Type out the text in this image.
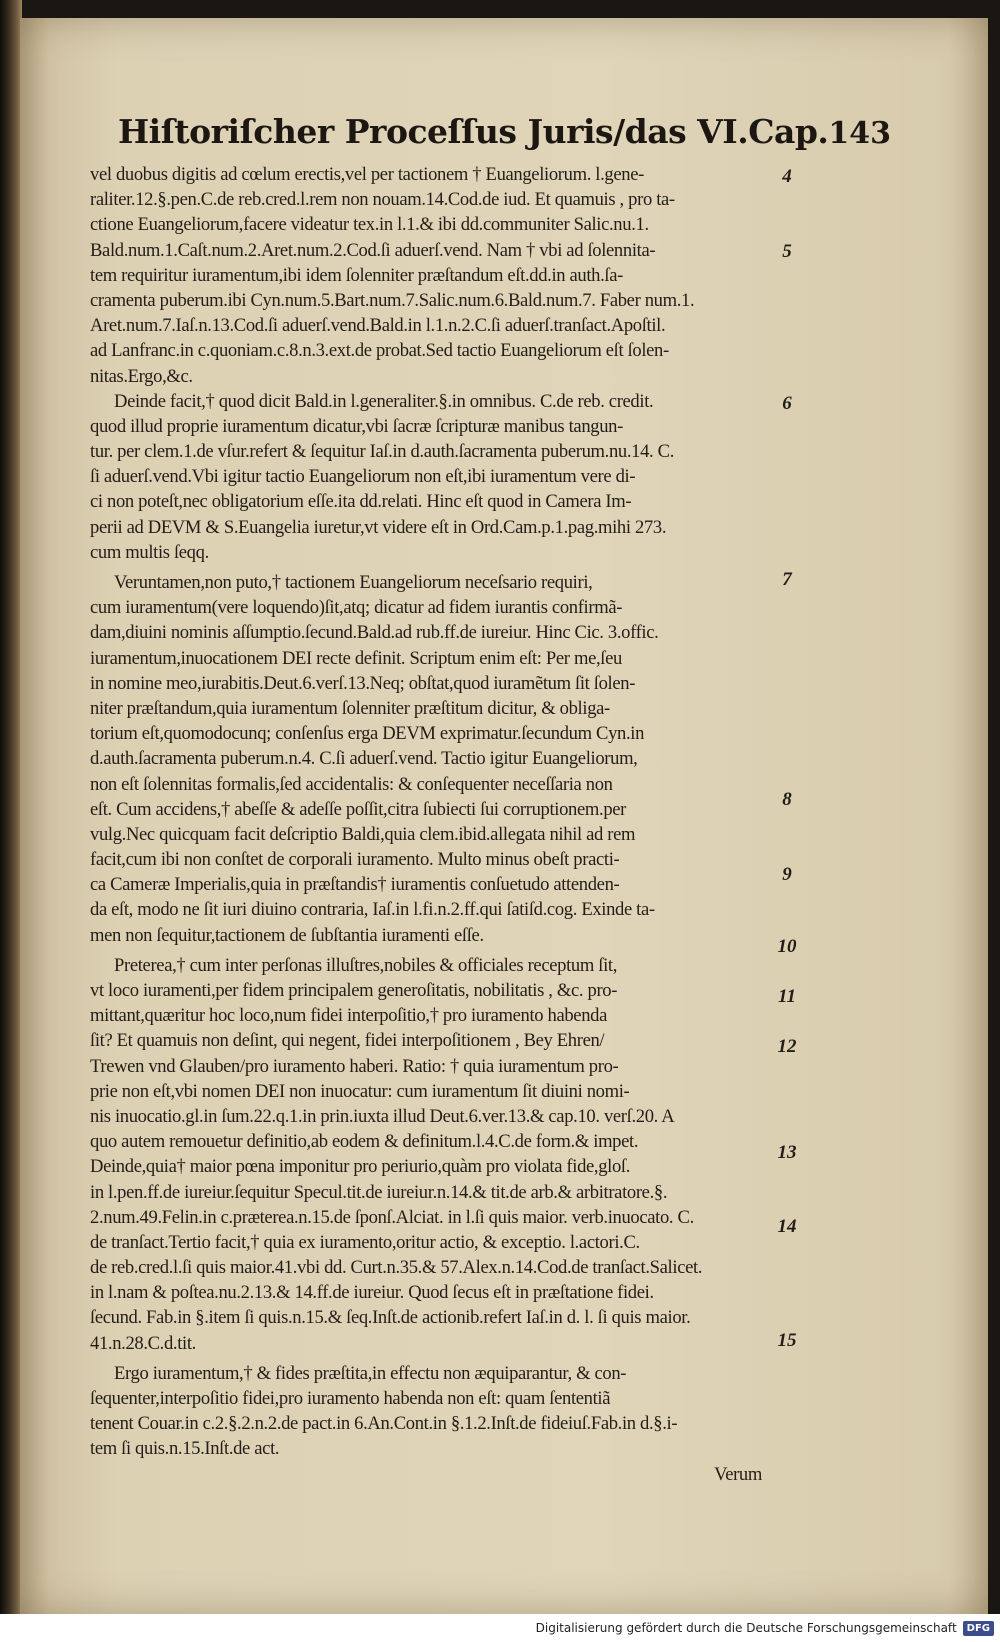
Hiſtoriſcher Proceſſus Juris/das VI.Cap. 143
vel duobus digitis ad cœlum erectis,vel per tactionem † Euangeliorum. l.gene-
raliter.12.§.pen.C.de reb.cred.l.rem non nouam.14.Cod.de iud. Et quamuis , pro ta-
ctione Euangeliorum,facere videatur tex.in l.1.& ibi dd.communiter Salic.nu.1.
Bald.num.1.Caſt.num.2.Aret.num.2.Cod.ſi aduerſ.vend. Nam † vbi ad ſolennita-
tem requiritur iuramentum,ibi idem ſolenniter præſtandum eſt.dd.in auth.ſa-
cramenta puberum.ibi Cyn.num.5.Bart.num.7.Salic.num.6.Bald.num.7. Faber num.1.
Aret.num.7.Iaſ.n.13.Cod.ſi aduerſ.vend.Bald.in l.1.n.2.C.ſi aduerſ.tranſact.Apoſtil.
ad Lanfranc.in c.quoniam.c.8.n.3.ext.de probat.Sed tactio Euangeliorum eſt ſolen-
nitas.Ergo,&c.
Deinde facit,† quod dicit Bald.in l.generaliter.§.in omnibus. C.de reb. credit.
quod illud proprie iuramentum dicatur,vbi ſacræ ſcripturæ manibus tangun-
tur. per clem.1.de vſur.refert & ſequitur Iaſ.in d.auth.ſacramenta puberum.nu.14. C.
ſi aduerſ.vend.Vbi igitur tactio Euangeliorum non eſt,ibi iuramentum vere di-
ci non poteſt,nec obligatorium eſſe.ita dd.relati. Hinc eſt quod in Camera Im-
perii ad DEVM & S.Euangelia iuretur,vt videre eſt in Ord.Cam.p.1.pag.mihi 273.
cum multis ſeqq.
Veruntamen,non puto,† tactionem Euangeliorum neceſsario requiri,
cum iuramentum(vere loquendo)ſit,atq; dicatur ad fidem iurantis confirmã-
dam,diuini nominis aſſumptio.ſecund.Bald.ad rub.ff.de iureiur. Hinc Cic. 3.offic.
iuramentum,inuocationem DEI recte definit. Scriptum enim eſt: Per me,ſeu
in nomine meo,iurabitis.Deut.6.verſ.13.Neq; obſtat,quod iuramẽtum ſit ſolen-
niter præſtandum,quia iuramentum ſolenniter præſtitum dicitur, & obliga-
torium eſt,quomodocunq; conſenſus erga DEVM exprimatur.ſecundum Cyn.in
d.auth.ſacramenta puberum.n.4. C.ſi aduerſ.vend. Tactio igitur Euangeliorum,
non eſt ſolennitas formalis,ſed accidentalis: & conſequenter neceſſaria non
eſt. Cum accidens,† abeſſe & adeſſe poſſit,citra ſubiecti ſui corruptionem.per
vulg.Nec quicquam facit deſcriptio Baldi,quia clem.ibid.allegata nihil ad rem
facit,cum ibi non conſtet de corporali iuramento. Multo minus obeſt practi-
ca Cameræ Imperialis,quia in præſtandis† iuramentis conſuetudo attenden-
da eſt, modo ne ſit iuri diuino contraria, Iaſ.in l.fi.n.2.ff.qui ſatiſd.cog. Exinde ta-
men non ſequitur,tactionem de ſubſtantia iuramenti eſſe.
Preterea,† cum inter perſonas illuſtres,nobiles & officiales receptum ſit,
vt loco iuramenti,per fidem principalem generoſitatis, nobilitatis , &c. pro-
mittant,quæritur hoc loco,num fidei interpoſitio,† pro iuramento habenda
ſit? Et quamuis non deſint, qui negent, fidei interpoſitionem , Bey Ehren/
Trewen vnd Glauben/pro iuramento haberi. Ratio: † quia iuramentum pro-
prie non eſt,vbi nomen DEI non inuocatur: cum iuramentum ſit diuini nomi-
nis inuocatio.gl.in ſum.22.q.1.in prin.iuxta illud Deut.6.ver.13.& cap.10. verſ.20. A
quo autem remouetur definitio,ab eodem & definitum.l.4.C.de form.& impet.
Deinde,quia† maior pœna imponitur pro periurio,quàm pro violata fide,gloſ.
in l.pen.ff.de iureiur.ſequitur Specul.tit.de iureiur.n.14.& tit.de arb.& arbitratore.§.
2.num.49.Felin.in c.præterea.n.15.de ſponſ.Alciat. in l.ſi quis maior. verb.inuocato. C.
de tranſact.Tertio facit,† quia ex iuramento,oritur actio, & exceptio. l.actori.C.
de reb.cred.l.ſi quis maior.41.vbi dd. Curt.n.35.& 57.Alex.n.14.Cod.de tranſact.Salicet.
in l.nam & poſtea.nu.2.13.& 14.ff.de iureiur. Quod ſecus eſt in præſtatione fidei.
ſecund. Fab.in §.item ſi quis.n.15.& ſeq.Inſt.de actionib.refert Iaſ.in d. l. ſi quis maior.
41.n.28.C.d.tit.
Ergo iuramentum,† & fides præſtita,in effectu non æquiparantur, & con-
ſequenter,interpoſitio fidei,pro iuramento habenda non eſt: quam ſententiã
tenent Couar.in c.2.§.2.n.2.de pact.in 6.An.Cont.in §.1.2.Inſt.de fideiuſ.Fab.in d.§.i-
tem ſi quis.n.15.Inſt.de act.
Verum
4
5
6
7
8
9
10
11
12
13
14
15
Digitalisierung gefördert durch die Deutsche Forschungsgemeinschaft	DFG
